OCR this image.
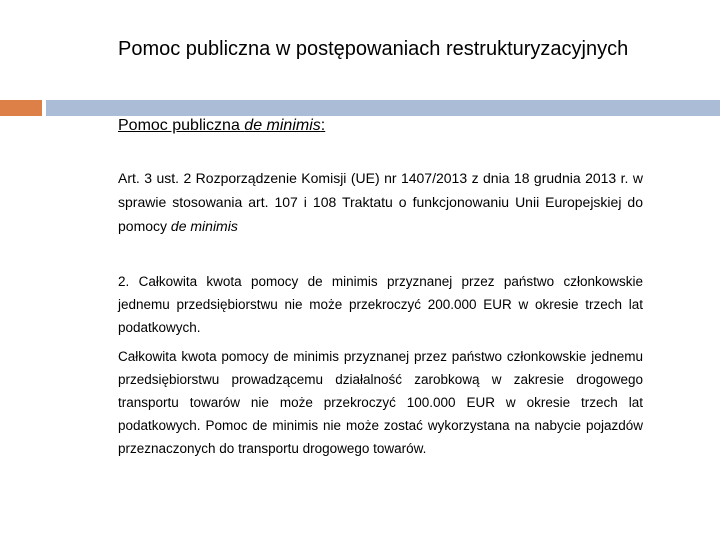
Pomoc publiczna w postępowaniach restrukturyzacyjnych

Pomoc publiczna de minimis:

Art. 3 ust. 2 Rozporządzenie Komisji (UE) nr 1407/2013 z dnia 18 grudnia 2013 r. w sprawie stosowania art. 107 i 108 Traktatu o funkcjonowaniu Unii Europejskiej do pomocy de minimis

2. Całkowita kwota pomocy de minimis przyznanej przez państwo członkowskie jednemu przedsiębiorstwu nie może przekroczyć 200.000 EUR w okresie trzech lat podatkowych.

Całkowita kwota pomocy de minimis przyznanej przez państwo członkowskie jednemu przedsiębiorstwu prowadzącemu działalność zarobkową w zakresie drogowego transportu towarów nie może przekroczyć 100.000 EUR w okresie trzech lat podatkowych. Pomoc de minimis nie może zostać wykorzystana na nabycie pojazdów przeznaczonych do transportu drogowego towarów.
